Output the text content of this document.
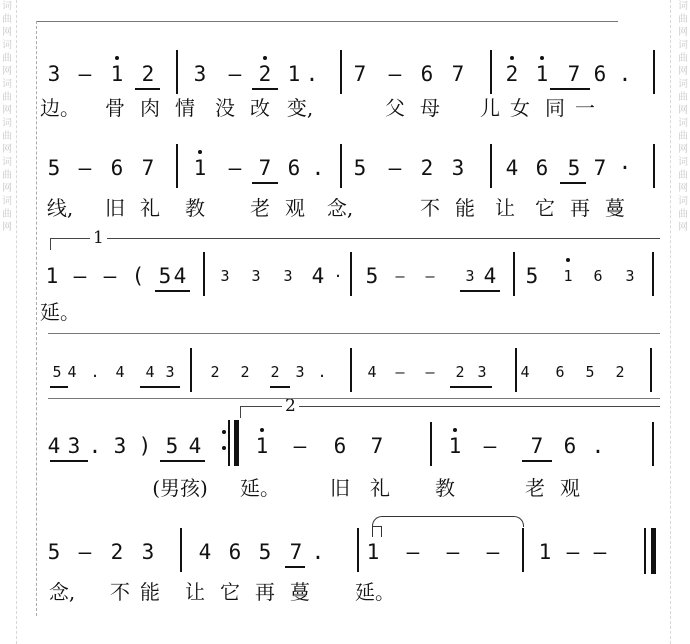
词曲网词曲网词曲网词曲网词曲网词曲网
词曲网词曲网词曲网词曲网词曲网词曲网
3 — 1 2 3 — 2 1 . 7 — 6 7 2 1 7 6 .
边。 骨 肉 情 没 改 变,	父 母 儿 女 同 一
5 — 6 7 1 — 7 6 . 5 — 2 3 4 6 5 7 ·
线, 旧 礼 教 老 观 念,	不 能 让 它 再 蔓
1 — — ( 5 4 3 3 3 4 · 5 — — 3 4 5 1 6 3
延。
1
5 4 . 4 4 3 2 2 2 3 .	4 — — 2 3 4 6 5 2
4 3 . 3 ) 5 4	1 — 6 7	1 — 7 6 .
(男孩) 延。	旧 礼 教	老 观
2
5 — 2 3 4 6 5 7 . 1 — — — 1 — —
念, 不 能 让 它 再 蔓 延。
